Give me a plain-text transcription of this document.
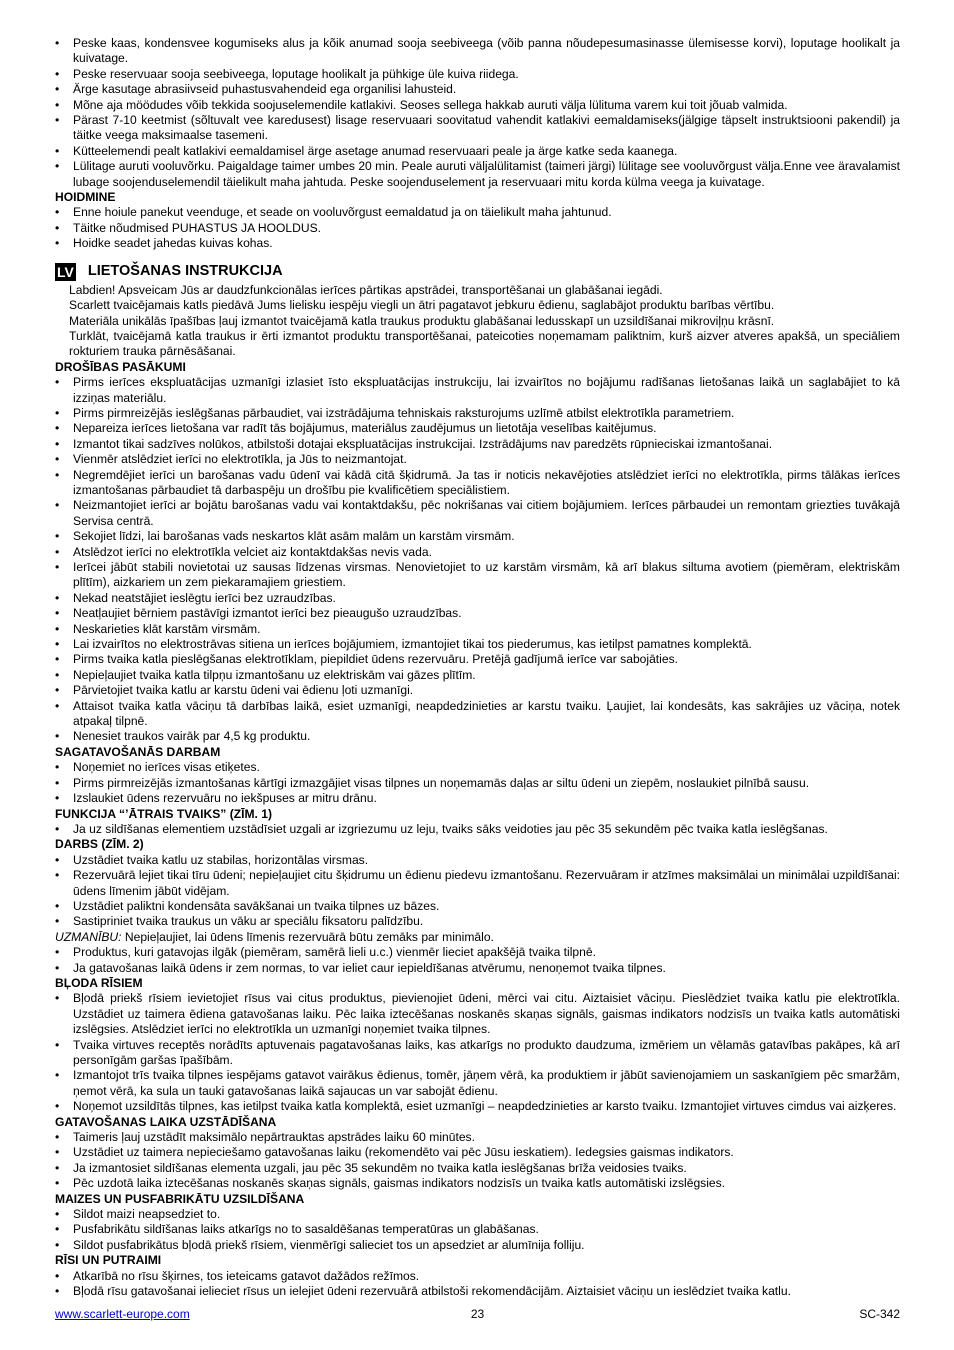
• Peske kaas, kondensvee kogumiseks alus ja kõik anumad sooja seebiveega (võib panna nõudepesumasinasse ülemisesse korvi), loputage hoolikalt ja kuivatage.
• Peske reservuaar sooja seebiveega, loputage hoolikalt ja pühkige üle kuiva riidega.
• Ärge kasutage abrasiivseid puhastusvahendeid ega organilisi lahusteid.
• Mõne aja möödudes võib tekkida soojuselemendile katlakivi. Seoses sellega hakkab auruti välja lülituma varem kui toit jõuab valmida.
• Pärast 7-10 keetmist (sõltuvalt vee karedusest) lisage reservuaari soovitatud vahendit katlakivi eemaldamiseks(jälgige täpselt instruktsiooni pakendil) ja täitke veega maksimaalse tasemeni.
• Kütteelemendi pealt katlakivi eemaldamisel ärge asetage anumad reservuaari peale ja ärge katke seda kaanega.
• Lülitage auruti vooluvõrku. Paigaldage taimer umbes 20 min. Peale auruti väljalülitamist (taimeri järgi) lülitage see vooluvõrgust välja.Enne vee äravalamist lubage soojenduselemendil täielikult maha jahtuda. Peske soojenduselement ja reservuaari mitu korda külma veega ja kuivatage.
HOIDMINE
• Enne hoiule panekut veenduge, et seade on vooluvõrgust eemaldatud ja on täielikult maha jahtunud.
• Täitke nõudmised PUHASTUS JA HOOLDUS.
• Hoidke seadet jahedas kuivas kohas.
LV LIETOŠANAS INSTRUKCIJA

Labdien! Apsveicam Jūs ar daudzfunkcionālas ierīces pārtikas apstrādei, transportēšanai un glabāšanai iegādi.

Scarlett tvaicējamais katls piedāvā Jums lielisku iespēju viegli un ātri pagatavot jebkuru ēdienu, saglabājot produktu barības vērtību.

Materiāla unikālās īpašības ļauj izmantot tvaicējamā katla traukus produktu glabāšanai ledusskapī un uzsildīšanai mikroviļņu krāsnī.

Turklāt, tvaicējamā katla traukus ir ērti izmantot produktu transportēšanai, pateicoties noņemamam paliktnim, kurš aizver atveres apakšā, un speciāliem rokturiem trauka pārnēsāšanai.

DROŠĪBAS PASĀKUMI
• Pirms ierīces ekspluatācijas uzmanīgi izlasiet īsto ekspluatācijas instrukciju, lai izvairītos no bojājumu radīšanas lietošanas laikā un saglabājiet to kā izziņas materiālu.
• Pirms pirmreizējās ieslēgšanas pārbaudiet, vai izstrādājuma tehniskais raksturojums uzlīmē atbilst elektrotīkla parametriem.
• Nepareiza ierīces lietošana var radīt tās bojājumus, materiālus zaudējumus un lietotāja veselības kaitējumus.
• Izmantot tikai sadzīves nolūkos, atbilstoši dotajai ekspluatācijas instrukcijai. Izstrādājums nav paredzēts rūpnieciskai izmantošanai.
• Vienmēr atslēdziet ierīci no elektrotīkla, ja Jūs to neizmantojat.
• Negremdējiet ierīci un barošanas vadu ūdenī vai kādā citā šķidrumā. Ja tas ir noticis nekavējoties atslēdziet ierīci no elektrotīkla, pirms tālākas ierīces izmantošanas pārbaudiet tā darbaspēju un drošību pie kvalificētiem speciālistiem.
• Neizmantojiet ierīci ar bojātu barošanas vadu vai kontaktdakšu, pēc nokrišanas vai citiem bojājumiem. Ierīces pārbaudei un remontam griezties tuvākajā Servisa centrā.
• Sekojiet līdzi, lai barošanas vads neskartos klāt asām malām un karstām virsmām.
• Atslēdzot ierīci no elektrotīkla velciet aiz kontaktdakšas nevis vada.
• Ierīcei jābūt stabili novietotai uz sausas līdzenas virsmas. Nenovietojiet to uz karstām virsmām, kā arī blakus siltuma avotiem (piemēram, elektriskām plītīm), aizkariem un zem piekaramajiem griestiem.
• Nekad neatstājiet ieslēgtu ierīci bez uzraudzības.
• Neatļaujiet bērniem pastāvīgi izmantot ierīci bez pieaugušo uzraudzības.
• Neskarieties klāt karstām virsmām.
• Lai izvairītos no elektrostrāvas sitiena un ierīces bojājumiem, izmantojiet tikai tos piederumus, kas ietilpst pamatnes komplektā.
• Pirms tvaika katla pieslēgšanas elektrotīklam, piepildiet ūdens rezervuāru. Pretējā gadījumā ierīce var sabojāties.
• Nepieļaujiet tvaika katla tilpņu izmantošanu uz elektriskām vai gāzes plītīm.
• Pārvietojiet tvaika katlu ar karstu ūdeni vai ēdienu ļoti uzmanīgi.
• Attaisot tvaika katla vāciņu tā darbības laikā, esiet uzmanīgi, neapdedzinieties ar karstu tvaiku. Ļaujiet, lai kondesāts, kas sakrājies uz vāciņa, notek atpakaļ tilpnē.
• Nenesiet traukos vairāk par 4,5 kg produktu.
SAGATAVOŠANĀS DARBAM
• Noņemiet no ierīces visas etiķetes.
• Pirms pirmreizējās izmantošanas kārtīgi izmazgājiet visas tilpnes un noņemamās daļas ar siltu ūdeni un ziepēm, noslaukiet pilnībā sausu.
• Izslaukiet ūdens rezervuāru no iekšpuses ar mitru drānu.
FUNKCIJA “’ĀTRAIS TVAIKS” (ZĪM. 1)
• Ja uz sildīšanas elementiem uzstādīsiet uzgali ar izgriezumu uz leju, tvaiks sāks veidoties jau pēc 35 sekundēm pēc tvaika katla ieslēgšanas.
DARBS (ZĪM. 2)
• Uzstādiet tvaika katlu uz stabilas, horizontālas virsmas.
• Rezervuārā lejiet tikai tīru ūdeni; nepieļaujiet citu šķidrumu un ēdienu piedevu izmantošanu. Rezervuāram ir atzīmes maksimālai un minimālai uzpildīšanai: ūdens līmenim jābūt vidējam.
• Uzstādiet paliktni kondensāta savākšanai un tvaika tilpnes uz bāzes.
• Sastipriniet tvaika traukus un vāku ar speciālu fiksatoru palīdzību.
UZMANĪBU: Nepieļaujiet, lai ūdens līmenis rezervuārā būtu zemāks par minimālo.
• Produktus, kuri gatavojas ilgāk (piemēram, samērā lieli u.c.) vienmēr lieciet apakšējā tvaika tilpnē.
• Ja gatavošanas laikā ūdens ir zem normas, to var ieliet caur iepieldīšanas atvērumu, nenoņemot tvaika tilpnes.
BĻODA RĪSIEM
• Bļodā priekš rīsiem ievietojiet rīsus vai citus produktus, pievienojiet ūdeni, mērci vai citu. Aiztaisiet vāciņu. Pieslēdziet tvaika katlu pie elektrotīkla. Uzstādiet uz taimera ēdiena gatavošanas laiku. Pēc laika iztecēšanas noskanēs skaņas signāls, gaismas indikators nodzisīs un tvaika katls automātiski izslēgsies. Atslēdziet ierīci no elektrotīkla un uzmanīgi noņemiet tvaika tilpnes.
• Tvaika virtuves receptēs norādīts aptuvenais pagatavošanas laiks, kas atkarīgs no produkto daudzuma, izmēriem un vēlamās gatavības pakāpes, kā arī personīgām garšas īpašībām.
• Izmantojot trīs tvaika tilpnes iespējams gatavot vairākus ēdienus, tomēr, jāņem vērā, ka produktiem ir jābūt savienojamiem un saskanīgiem pēc smaržām, ņemot vērā, ka sula un tauki gatavošanas laikā sajaucas un var sabojāt ēdienu.
• Noņemot uzsildītās tilpnes, kas ietilpst tvaika katla komplektā, esiet uzmanīgi – neapdedzinieties ar karsto tvaiku. Izmantojiet virtuves cimdus vai aizķeres.
GATAVOŠANAS LAIKA UZSTĀDĪŠANA
• Taimeris ļauj uzstādīt maksimālo nepārtrauktas apstrādes laiku 60 minūtes.
• Uzstādiet uz taimera nepieciešamo gatavošanas laiku (rekomendēto vai pēc Jūsu ieskatiem). Iedegsies gaismas indikators.
• Ja izmantosiet sildīšanas elementa uzgali, jau pēc 35 sekundēm no tvaika katla ieslēgšanas brīža veidosies tvaiks.
• Pēc uzdotā laika iztecēšanas noskanēs skaņas signāls, gaismas indikators nodzisīs un tvaika katls automātiski izslēgsies.
MAIZES UN PUSFABRIKĀTU UZSILDĪŠANA
• Sildot maizi neapsedziet to.
• Pusfabrikātu sildīšanas laiks atkarīgs no to sasaldēšanas temperatūras un glabāšanas.
• Sildot pusfabrikātus bļodā priekš rīsiem, vienmērīgi salieciet tos un apsedziet ar alumīnija folliju.
RĪSI UN PUTRAIMI
• Atkarībā no rīsu šķirnes, tos ieteicams gatavot dažādos režīmos.
• Bļodā rīsu gatavošanai ielieciet rīsus un ielejiet ūdeni rezervuārā atbilstoši rekomendācijām. Aiztaisiet vāciņu un ieslēdziet tvaika katlu.
www.scarlett-europe.com	23	SC-342
